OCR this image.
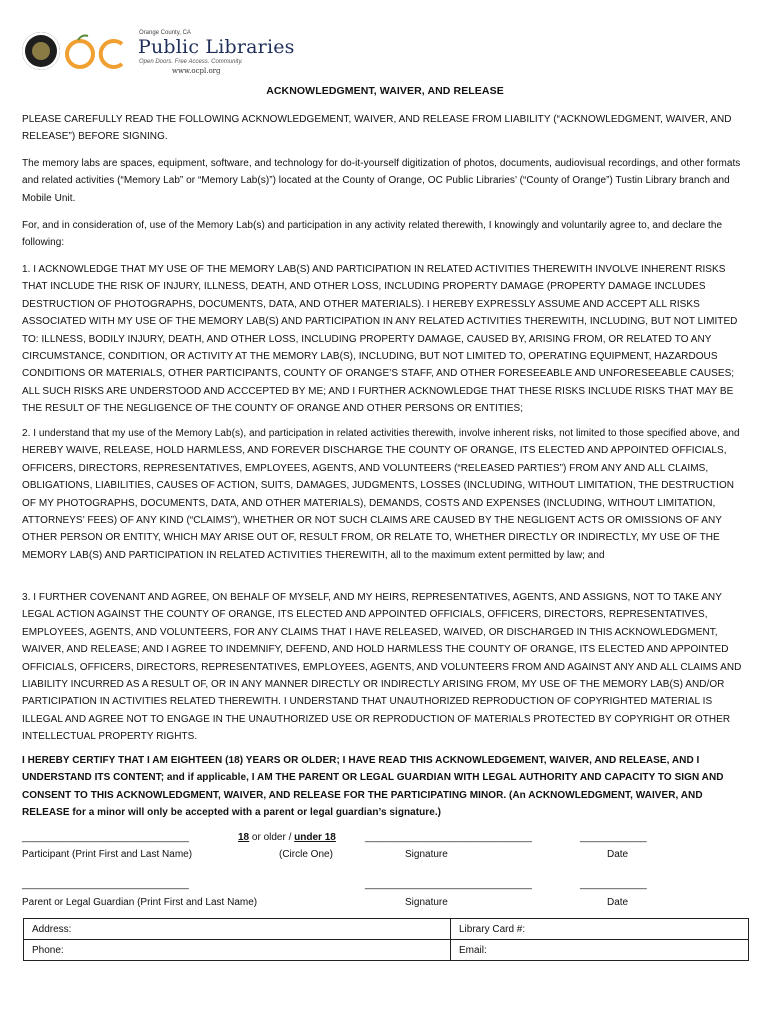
Orange County, CA
Public Libraries
Open Doors. Free Access. Community.
www.ocpl.org
ACKNOWLEDGMENT, WAIVER, AND RELEASE

PLEASE CAREFULLY READ THE FOLLOWING ACKNOWLEDGEMENT, WAIVER, AND RELEASE FROM LIABILITY (“ACKNOWLEDGMENT, WAIVER, AND RELEASE”) BEFORE SIGNING.

The memory labs are spaces, equipment, software, and technology for do-it-yourself digitization of photos, documents, audiovisual recordings, and other formats and related activities (“Memory Lab” or “Memory Lab(s)”) located at the County of Orange, OC Public Libraries’ (“County of Orange”) Tustin Library branch and Mobile Unit.

For, and in consideration of, use of the Memory Lab(s) and participation in any activity related therewith, I knowingly and voluntarily agree to, and declare the following:

1. I ACKNOWLEDGE THAT MY USE OF THE MEMORY LAB(S) AND PARTICIPATION IN RELATED ACTIVITIES THEREWITH INVOLVE INHERENT RISKS THAT INCLUDE THE RISK OF INJURY, ILLNESS, DEATH, AND OTHER LOSS, INCLUDING PROPERTY DAMAGE (PROPERTY DAMAGE INCLUDES DESTRUCTION OF PHOTOGRAPHS, DOCUMENTS, DATA, AND OTHER MATERIALS). I HEREBY EXPRESSLY ASSUME AND ACCEPT ALL RISKS ASSOCIATED WITH MY USE OF THE MEMORY LAB(S) AND PARTICIPATION IN ANY RELATED ACTIVITIES THEREWITH, INCLUDING, BUT NOT LIMITED TO: ILLNESS, BODILY INJURY, DEATH, AND OTHER LOSS, INCLUDING PROPERTY DAMAGE, CAUSED BY, ARISING FROM, OR RELATED TO ANY CIRCUMSTANCE, CONDITION, OR ACTIVITY AT THE MEMORY LAB(S), INCLUDING, BUT NOT LIMITED TO, OPERATING EQUIPMENT, HAZARDOUS CONDITIONS OR MATERIALS, OTHER PARTICIPANTS, COUNTY OF ORANGE’S STAFF, AND OTHER FORESEEABLE AND UNFORESEEABLE CAUSES; ALL SUCH RISKS ARE UNDERSTOOD AND ACCCEPTED BY ME; AND I FURTHER ACKNOWLEDGE THAT THESE RISKS INCLUDE RISKS THAT MAY BE THE RESULT OF THE NEGLIGENCE OF THE COUNTY OF ORANGE AND OTHER PERSONS OR ENTITIES;

2. I understand that my use of the Memory Lab(s), and participation in related activities therewith, involve inherent risks, not limited to those specified above, and HEREBY WAIVE, RELEASE, HOLD HARMLESS, AND FOREVER DISCHARGE THE COUNTY OF ORANGE, ITS ELECTED AND APPOINTED OFFICIALS, OFFICERS, DIRECTORS, REPRESENTATIVES, EMPLOYEES, AGENTS, AND VOLUNTEERS (“RELEASED PARTIES”) FROM ANY AND ALL CLAIMS, OBLIGATIONS, LIABILITIES, CAUSES OF ACTION, SUITS, DAMAGES, JUDGMENTS, LOSSES (INCLUDING, WITHOUT LIMITATION, THE DESTRUCTION OF MY PHOTOGRAPHS, DOCUMENTS, DATA, AND OTHER MATERIALS), DEMANDS, COSTS AND EXPENSES (INCLUDING, WITHOUT LIMITATION, ATTORNEYS’ FEES) OF ANY KIND (“CLAIMS”), WHETHER OR NOT SUCH CLAIMS ARE CAUSED BY THE NEGLIGENT ACTS OR OMISSIONS OF ANY OTHER PERSON OR ENTITY, WHICH MAY ARISE OUT OF, RESULT FROM, OR RELATE TO, WHETHER DIRECTLY OR INDIRECTLY, MY USE OF THE MEMORY LAB(S) AND PARTICIPATION IN RELATED ACTIVITIES THEREWITH, all to the maximum extent permitted by law; and

3. I FURTHER COVENANT AND AGREE, ON BEHALF OF MYSELF, AND MY HEIRS, REPRESENTATIVES, AGENTS, AND ASSIGNS, NOT TO TAKE ANY LEGAL ACTION AGAINST THE COUNTY OF ORANGE, ITS ELECTED AND APPOINTED OFFICIALS, OFFICERS, DIRECTORS, REPRESENTATIVES, EMPLOYEES, AGENTS, AND VOLUNTEERS, FOR ANY CLAIMS THAT I HAVE RELEASED, WAIVED, OR DISCHARGED IN THIS ACKNOWLEDGMENT, WAIVER, AND RELEASE; AND I AGREE TO INDEMNIFY, DEFEND, AND HOLD HARMLESS THE COUNTY OF ORANGE, ITS ELECTED AND APPOINTED OFFICIALS, OFFICERS, DIRECTORS, REPRESENTATIVES, EMPLOYEES, AGENTS, AND VOLUNTEERS FROM AND AGAINST ANY AND ALL CLAIMS AND LIABILITY INCURRED AS A RESULT OF, OR IN ANY MANNER DIRECTLY OR INDIRECTLY ARISING FROM, MY USE OF THE MEMORY LAB(S) AND/OR PARTICIPATION IN ACTIVITIES RELATED THEREWITH. I UNDERSTAND THAT UNAUTHORIZED REPRODUCTION OF COPYRIGHTED MATERIAL IS ILLEGAL AND AGREE NOT TO ENGAGE IN THE UNAUTHORIZED USE OR REPRODUCTION OF MATERIALS PROTECTED BY COPYRIGHT OR OTHER INTELLECTUAL PROPERTY RIGHTS.

I HEREBY CERTIFY THAT I AM EIGHTEEN (18) YEARS OR OLDER; I HAVE READ THIS ACKNOWLEDGEMENT, WAIVER, AND RELEASE, AND I UNDERSTAND ITS CONTENT; and if applicable, I AM THE PARENT OR LEGAL GUARDIAN WITH LEGAL AUTHORITY AND CAPACITY TO SIGN AND CONSENT TO THIS ACKNOWLEDGMENT, WAIVER, AND RELEASE FOR THE PARTICIPATING MINOR. (An ACKNOWLEDGMENT, WAIVER, AND RELEASE for a minor will only be accepted with a parent or legal guardian’s signature.)

______________________________	18 or older / under 18	______________________________	____________
Participant (Print First and Last Name)	(Circle One)	Signature	Date
______________________________	______________________________	____________
Parent or Legal Guardian (Print First and Last Name)	Signature	Date
Address:	Library Card #:
Phone:	Email:
